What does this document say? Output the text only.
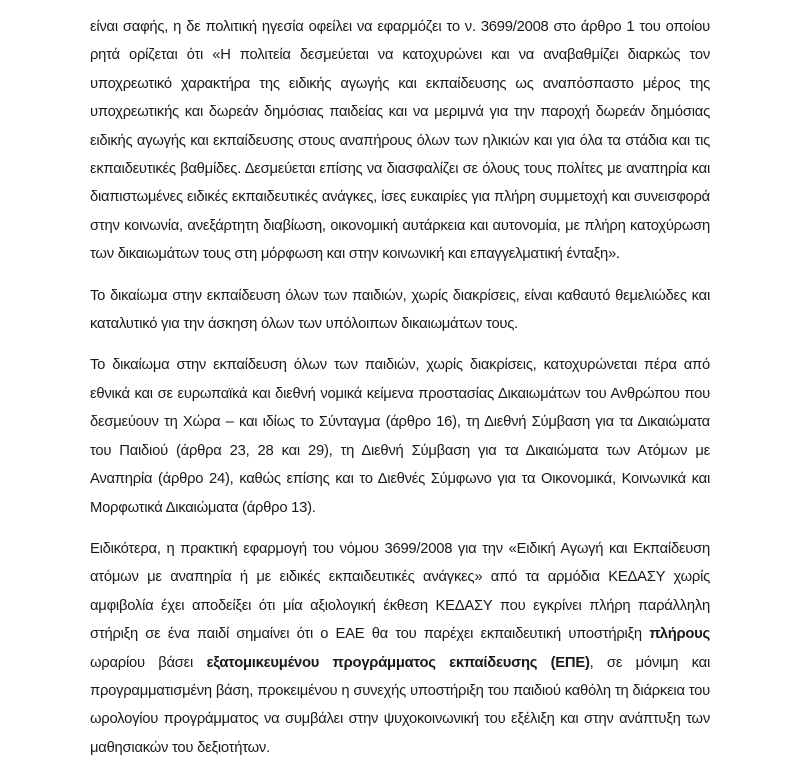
είναι σαφής, η δε πολιτική ηγεσία οφείλει να εφαρμόζει το ν. 3699/2008 στο άρθρο 1 του οποίου ρητά ορίζεται ότι «Η πολιτεία δεσμεύεται να κατοχυρώνει και να αναβαθμίζει διαρκώς τον υποχρεωτικό χαρακτήρα της ειδικής αγωγής και εκπαίδευσης ως αναπόσπαστο μέρος της υποχρεωτικής και δωρεάν δημόσιας παιδείας και να μεριμνά για την παροχή δωρεάν δημόσιας ειδικής αγωγής και εκπαίδευσης στους αναπήρους όλων των ηλικιών και για όλα τα στάδια και τις εκπαιδευτικές βαθμίδες. Δεσμεύεται επίσης να διασφαλίζει σε όλους τους πολίτες με αναπηρία και διαπιστωμένες ειδικές εκπαιδευτικές ανάγκες, ίσες ευκαιρίες για πλήρη συμμετοχή και συνεισφορά στην κοινωνία, ανεξάρτητη διαβίωση, οικονομική αυτάρκεια και αυτονομία, με πλήρη κατοχύρωση των δικαιωμάτων τους στη μόρφωση και στην κοινωνική και επαγγελματική ένταξη».

Το δικαίωμα στην εκπαίδευση όλων των παιδιών, χωρίς διακρίσεις, είναι καθαυτό θεμελιώδες και καταλυτικό για την άσκηση όλων των υπόλοιπων δικαιωμάτων τους.

Το δικαίωμα στην εκπαίδευση όλων των παιδιών, χωρίς διακρίσεις, κατοχυρώνεται πέρα από εθνικά και σε ευρωπαϊκά και διεθνή νομικά κείμενα προστασίας Δικαιωμάτων του Ανθρώπου που δεσμεύουν τη Χώρα – και ιδίως το Σύνταγμα (άρθρο 16), τη Διεθνή Σύμβαση για τα Δικαιώματα του Παιδιού (άρθρα 23, 28 και 29), τη Διεθνή Σύμβαση για τα Δικαιώματα των Ατόμων με Αναπηρία (άρθρο 24), καθώς επίσης και το Διεθνές Σύμφωνο για τα Οικονομικά, Κοινωνικά και Μορφωτικά Δικαιώματα (άρθρο 13).

Ειδικότερα, η πρακτική εφαρμογή του νόμου 3699/2008 για την «Ειδική Αγωγή και Εκπαίδευση ατόμων με αναπηρία ή με ειδικές εκπαιδευτικές ανάγκες» από τα αρμόδια ΚΕΔΑΣΥ χωρίς αμφιβολία έχει αποδείξει ότι μία αξιολογική έκθεση ΚΕΔΑΣΥ που εγκρίνει πλήρη παράλληλη στήριξη σε ένα παιδί σημαίνει ότι ο ΕΑΕ θα του παρέχει εκπαιδευτική υποστήριξη πλήρους ωραρίου βάσει εξατομικευμένου προγράμματος εκπαίδευσης (ΕΠΕ), σε μόνιμη και προγραμματισμένη βάση, προκειμένου η συνεχής υποστήριξη του παιδιού καθόλη τη διάρκεια του ωρολογίου προγράμματος να συμβάλει στην ψυχοκοινωνική του εξέλιξη και στην ανάπτυξη των μαθησιακών του δεξιοτήτων.
